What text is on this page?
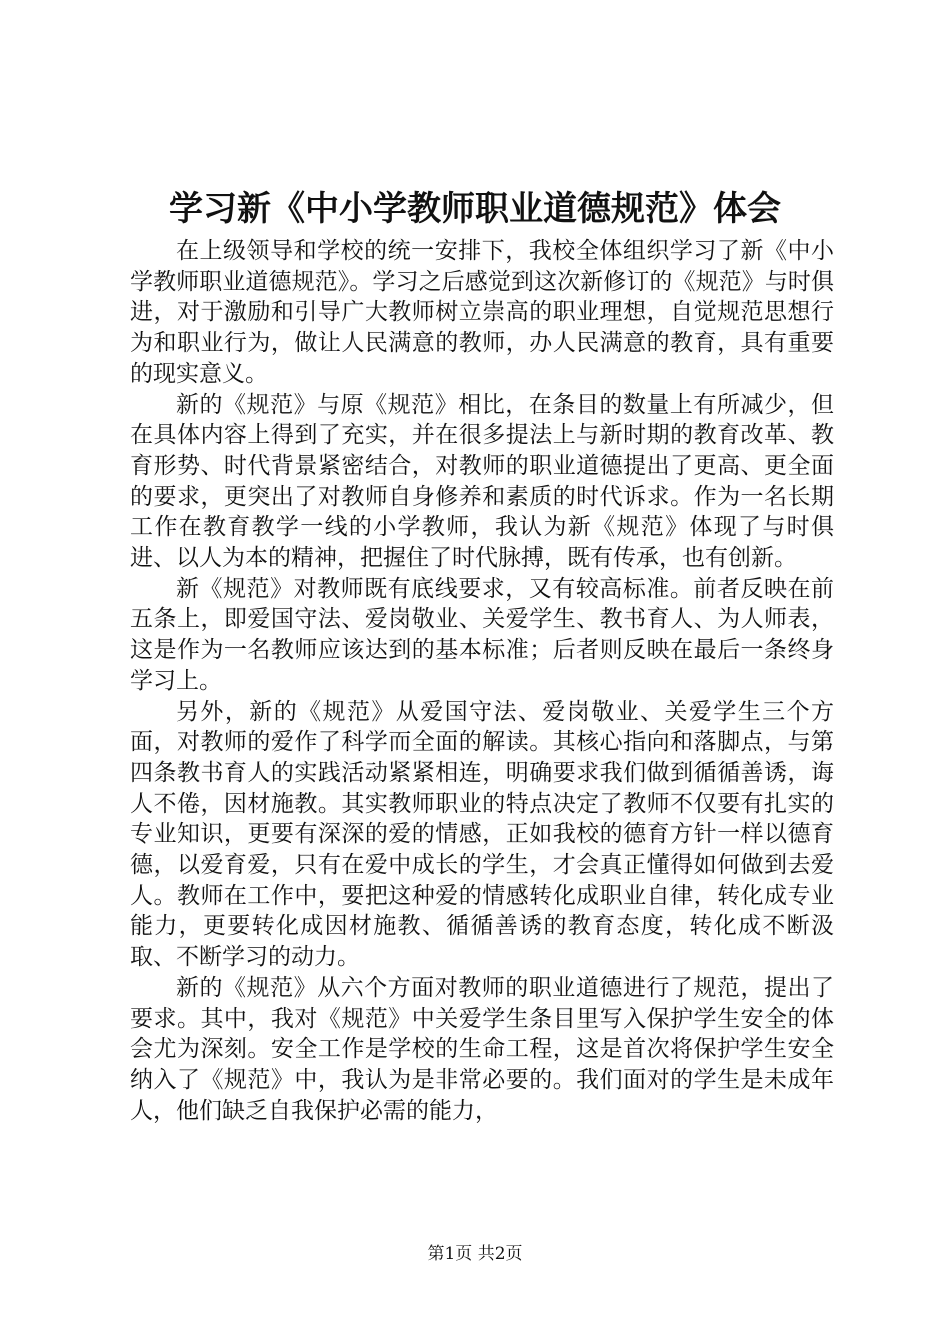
学习新《中小学教师职业道德规范》体会

在上级领导和学校的统一安排下，我校全体组织学习了新《中小学教师职业道德规范》。学习之后感觉到这次新修订的《规范》与时俱进，对于激励和引导广大教师树立崇高的职业理想，自觉规范思想行为和职业行为，做让人民满意的教师，办人民满意的教育，具有重要的现实意义。

新的《规范》与原《规范》相比，在条目的数量上有所减少，但在具体内容上得到了充实，并在很多提法上与新时期的教育改革、教育形势、时代背景紧密结合，对教师的职业道德提出了更高、更全面的要求，更突出了对教师自身修养和素质的时代诉求。作为一名长期工作在教育教学一线的小学教师，我认为新《规范》体现了与时俱进、以人为本的精神，把握住了时代脉搏，既有传承，也有创新。

新《规范》对教师既有底线要求，又有较高标准。前者反映在前五条上，即爱国守法、爱岗敬业、关爱学生、教书育人、为人师表，这是作为一名教师应该达到的基本标准；后者则反映在最后一条终身学习上。

另外，新的《规范》从爱国守法、爱岗敬业、关爱学生三个方面，对教师的爱作了科学而全面的解读。其核心指向和落脚点，与第四条教书育人的实践活动紧紧相连，明确要求我们做到循循善诱，诲人不倦，因材施教。其实教师职业的特点决定了教师不仅要有扎实的专业知识，更要有深深的爱的情感，正如我校的德育方针一样以德育德，以爱育爱，只有在爱中成长的学生，才会真正懂得如何做到去爱人。教师在工作中，要把这种爱的情感转化成职业自律，转化成专业能力，更要转化成因材施教、循循善诱的教育态度，转化成不断汲取、不断学习的动力。

新的《规范》从六个方面对教师的职业道德进行了规范，提出了要求。其中，我对《规范》中关爱学生条目里写入保护学生安全的体会尤为深刻。安全工作是学校的生命工程，这是首次将保护学生安全纳入了《规范》中，我认为是非常必要的。我们面对的学生是未成年人，他们缺乏自我保护必需的能力，

第1页 共2页
